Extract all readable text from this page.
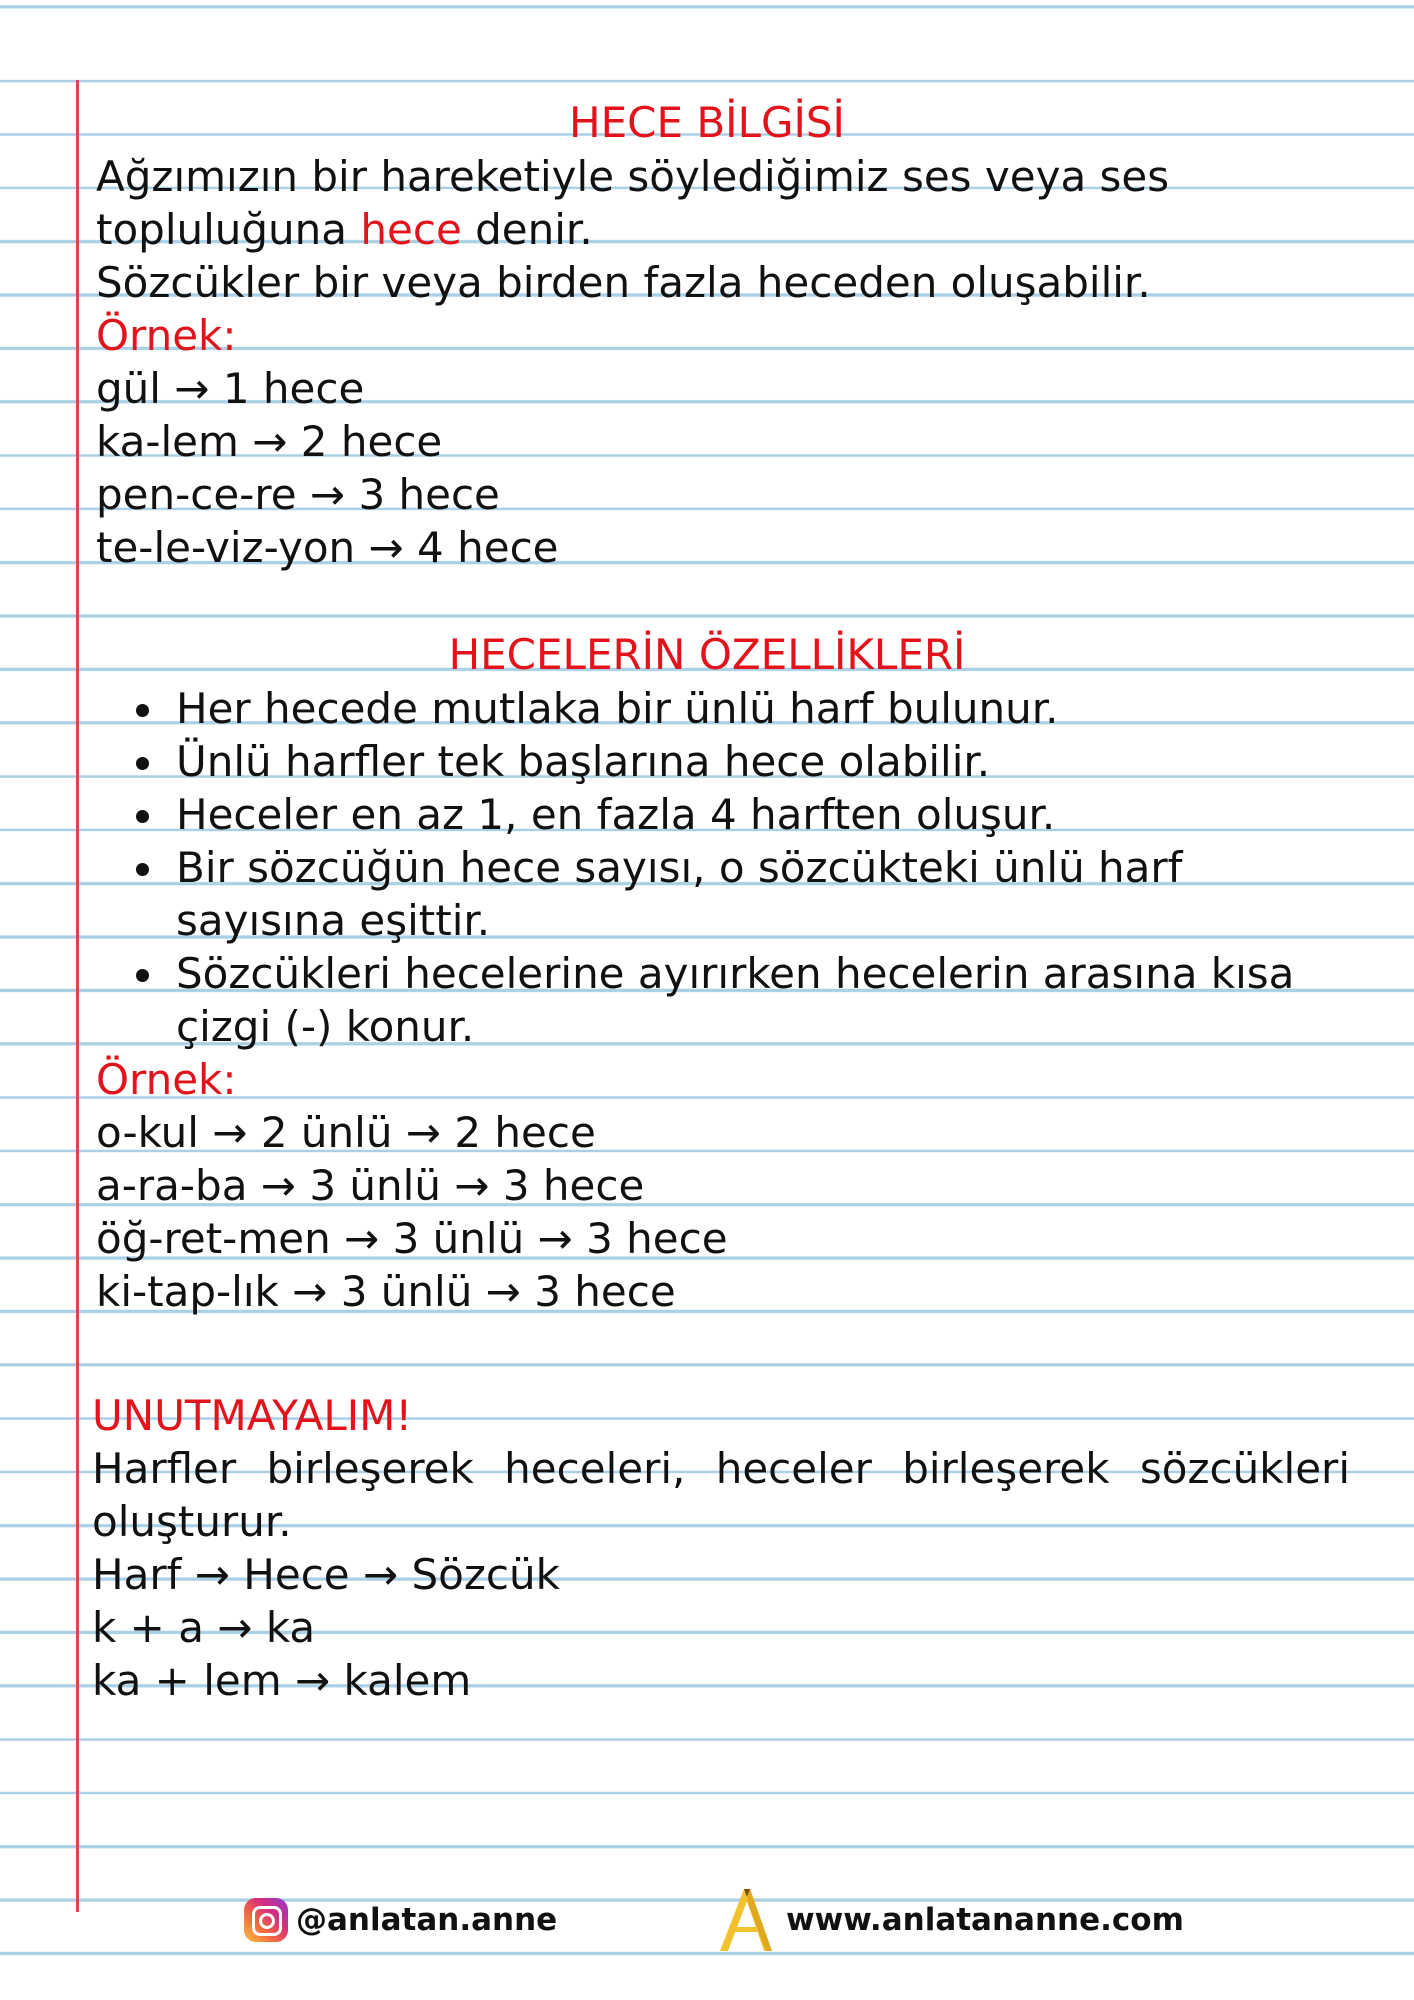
HECE BİLGİSİ

Ağzımızın bir hareketiyle söylediğimiz ses veya ses

topluluğuna hece denir.

Sözcükler bir veya birden fazla heceden oluşabilir.

Örnek:

gül → 1 hece

ka-lem → 2 hece

pen-ce-re → 3 hece

te-le-viz-yon → 4 hece

HECELERİN ÖZELLİKLERİ

Her hecede mutlaka bir ünlü harf bulunur.

Ünlü harfler tek başlarına hece olabilir.

Heceler en az 1, en fazla 4 harften oluşur.

Bir sözcüğün hece sayısı, o sözcükteki ünlü harf

sayısına eşittir.

Sözcükleri hecelerine ayırırken hecelerin arasına kısa

çizgi (-) konur.

Örnek:

o-kul → 2 ünlü → 2 hece

a-ra-ba → 3 ünlü → 3 hece

öğ-ret-men → 3 ünlü → 3 hece

ki-tap-lık → 3 ünlü → 3 hece

UNUTMAYALIM!

Harfler birleşerek heceleri, heceler birleşerek sözcükleri

oluşturur.

Harf → Hece → Sözcük

k + a → ka

ka + lem → kalem

@anlatan.anne	www.anlatananne.com
